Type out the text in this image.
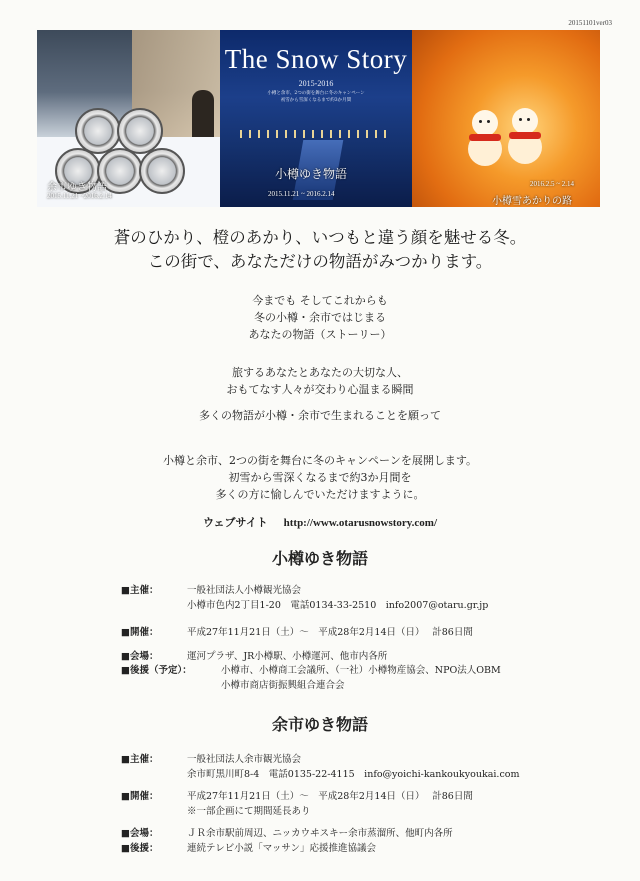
20151101ver03
余市ゆき物語
2015.11.21 ~2016.2.14
The Snow Story
2015-2016
小樽と余市、2つの街を舞台に冬のキャンペーン
初雪から雪深くなるまで約3か月間
小樽ゆき物語
2015.11.21 ~ 2016.2.14
2016.2.5 ~ 2.14
小樽雪あかりの路
蒼のひかり、橙のあかり、いつもと違う顔を魅せる冬。
この街で、あなただけの物語がみつかります。
今までも そしてこれからも
冬の小樽・余市ではじまる
あなたの物語（ストーリー）
旅するあなたとあなたの大切な人、
おもてなす人々が交わり心温まる瞬間
多くの物語が小樽・余市で生まれることを願って
小樽と余市、2つの街を舞台に冬のキャンペーンを展開します。
初雪から雪深くなるまで約3か月間を
多くの方に愉しんでいただけますように。
ウェブサイト http://www.otarusnowstory.com/
小樽ゆき物語
■主催：	一般社団法人小樽観光協会
小樽市色内2丁目1-20　電話0134-33-2510　info2007@otaru.gr.jp
■開催：	平成27年11月21日（土）～　平成28年2月14日（日）　 計86日間
■会場：	運河プラザ、JR小樽駅、小樽運河、他市内各所
■後援（予定）：	小樽市、小樽商工会議所、（一社）小樽物産協会、NPO法人OBM
小樽市商店街振興組合連合会
余市ゆき物語
■主催：	一般社団法人余市観光協会
余市町黒川町8-4　電話0135-22-4115　info@yoichi-kankoukyoukai.com
■開催：	平成27年11月21日（土）～　平成28年2月14日（日）　 計86日間
※一部企画にて期間延長あり
■会場：	ＪＲ余市駅前周辺、ニッカウヰスキー余市蒸溜所、他町内各所
■後援：	連続テレビ小説「マッサン」応援推進協議会
